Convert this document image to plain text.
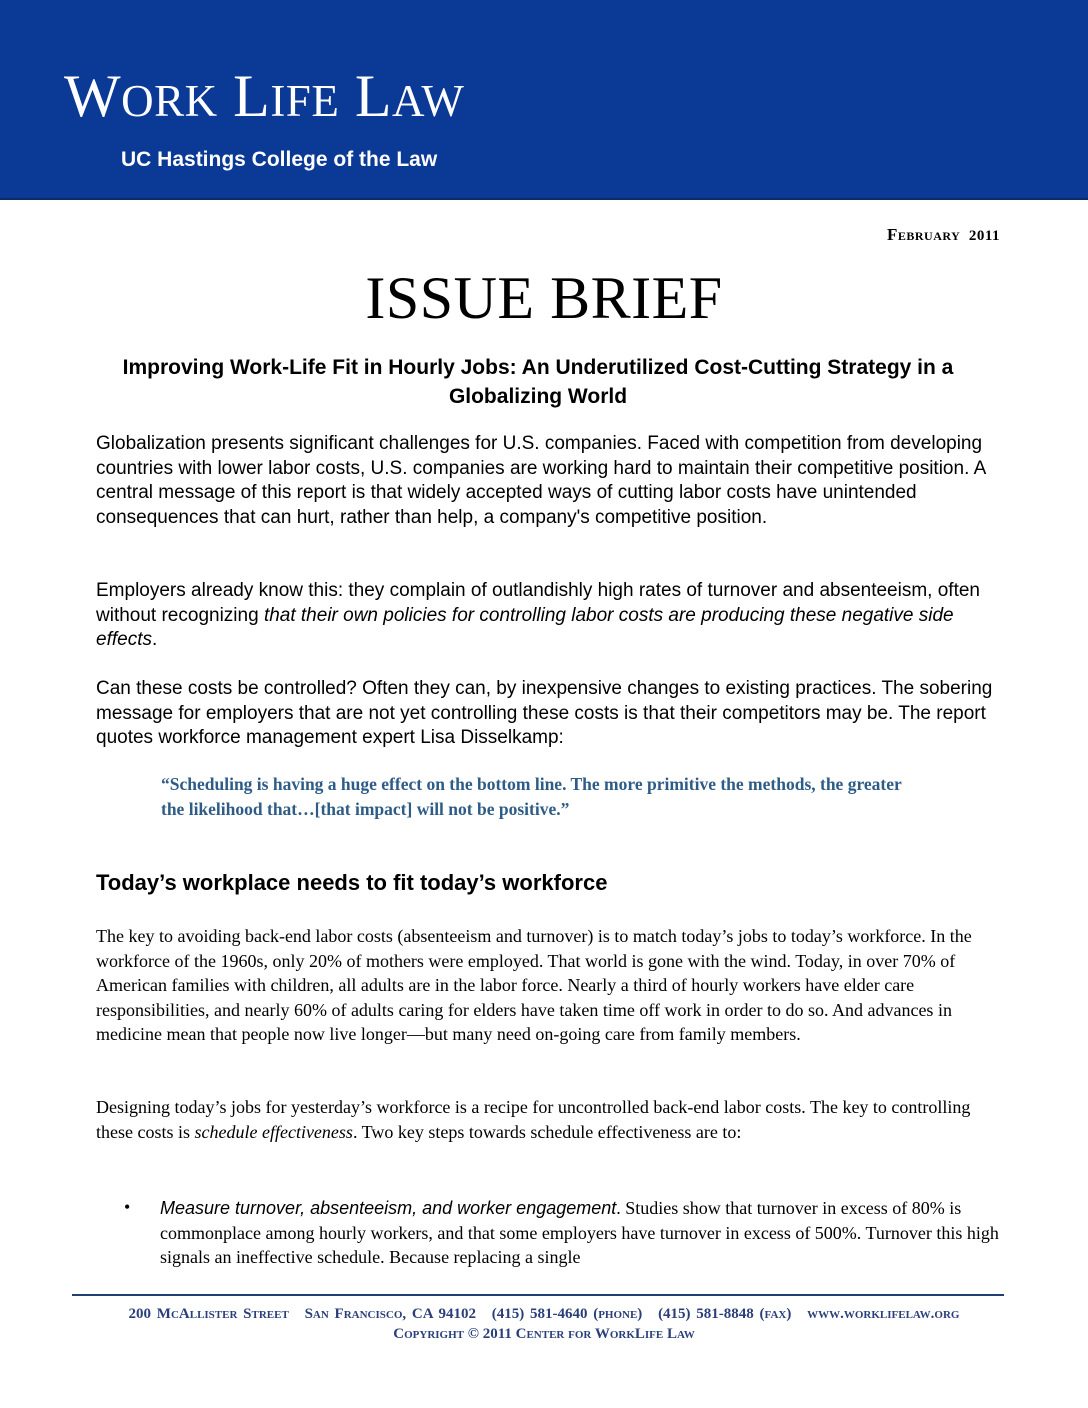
WORK LIFE LAW
UC Hastings College of the Law
February 2011
ISSUE BRIEF
Improving Work-Life Fit in Hourly Jobs: An Underutilized Cost-Cutting Strategy in a Globalizing World

Globalization presents significant challenges for U.S. companies. Faced with competition from developing countries with lower labor costs, U.S. companies are working hard to maintain their competitive position. A central message of this report is that widely accepted ways of cutting labor costs have unintended consequences that can hurt, rather than help, a company's competitive position.

Employers already know this: they complain of outlandishly high rates of turnover and absenteeism, often without recognizing that their own policies for controlling labor costs are producing these negative side effects.

Can these costs be controlled? Often they can, by inexpensive changes to existing practices. The sobering message for employers that are not yet controlling these costs is that their competitors may be. The report quotes workforce management expert Lisa Disselkamp:

“Scheduling is having a huge effect on the bottom line. The more primitive the methods, the greater the likelihood that…[that impact] will not be positive.”

Today’s workplace needs to fit today’s workforce

The key to avoiding back-end labor costs (absenteeism and turnover) is to match today’s jobs to today’s workforce. In the workforce of the 1960s, only 20% of mothers were employed. That world is gone with the wind. Today, in over 70% of American families with children, all adults are in the labor force. Nearly a third of hourly workers have elder care responsibilities, and nearly 60% of adults caring for elders have taken time off work in order to do so. And advances in medicine mean that people now live longer—but many need on-going care from family members.

Designing today’s jobs for yesterday’s workforce is a recipe for uncontrolled back-end labor costs. The key to controlling these costs is schedule effectiveness. Two key steps towards schedule effectiveness are to:

• Measure turnover, absenteeism, and worker engagement. Studies show that turnover in excess of 80% is commonplace among hourly workers, and that some employers have turnover in excess of 500%. Turnover this high signals an ineffective schedule. Because replacing a single

200 McAllister Street San Francisco, CA 94102 (415) 581-4640 (phone) (415) 581-8848 (fax) www.worklifelaw.org
Copyright © 2011 Center for WorkLife Law
